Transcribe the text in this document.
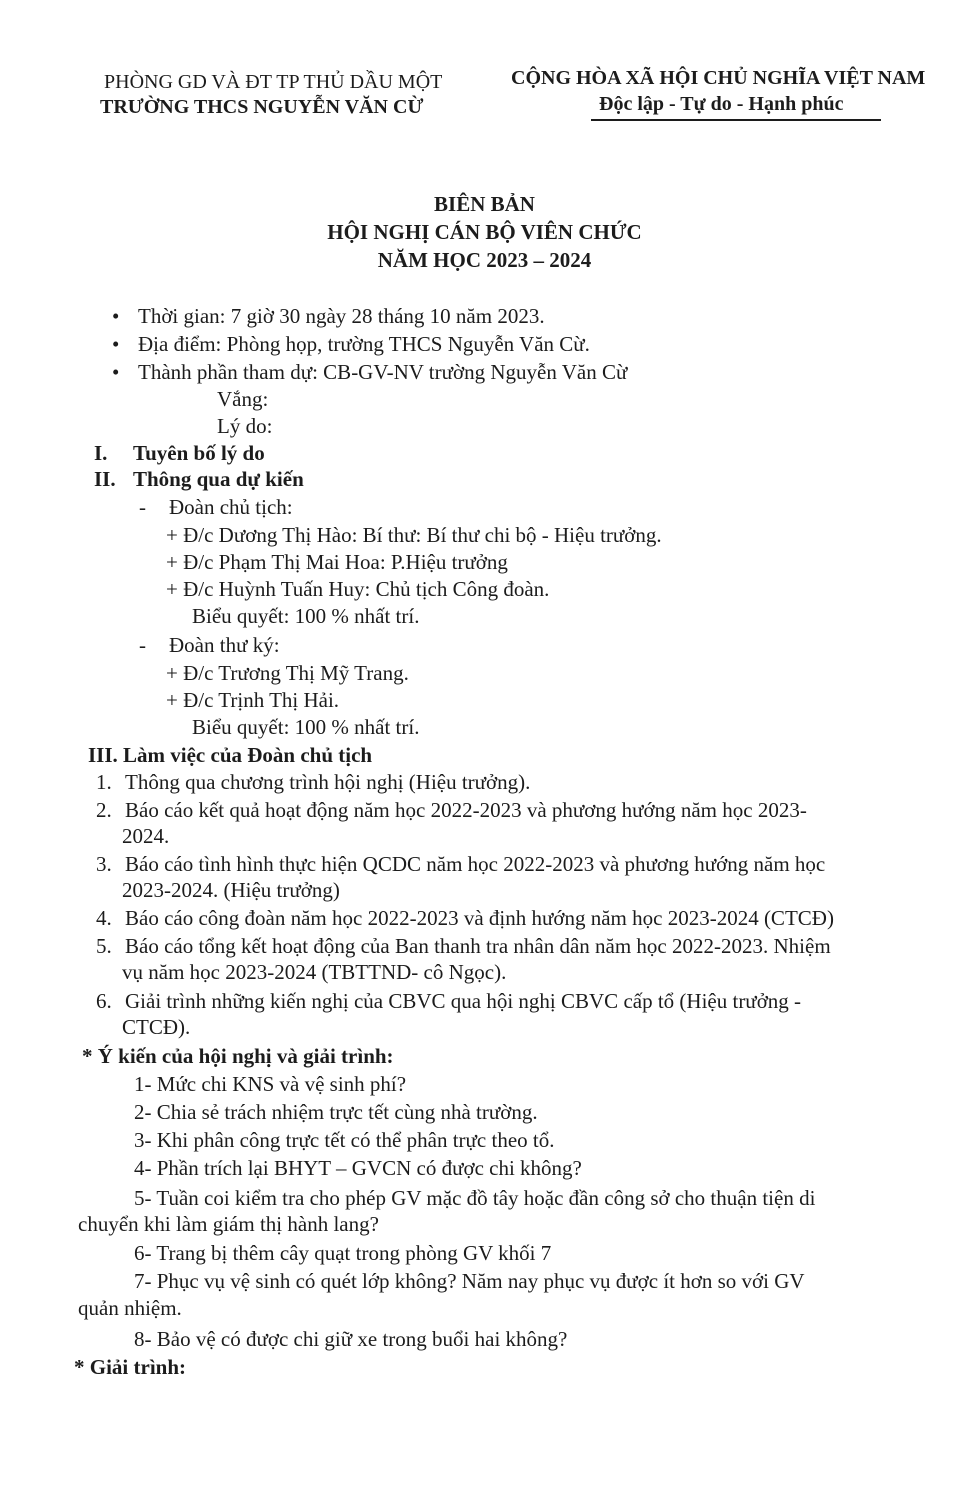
PHÒNG GD VÀ ĐT TP THỦ DẦU MỘT
TRƯỜNG THCS NGUYỄN VĂN CỪ
CỘNG HÒA XÃ HỘI CHỦ NGHĨA VIỆT NAM
Độc lập - Tự do - Hạnh phúc
BIÊN BẢN
HỘI NGHỊ CÁN BỘ VIÊN CHỨC
NĂM HỌC 2023 – 2024
• Thời gian: 7 giờ 30 ngày 28 tháng 10 năm 2023.
• Địa điểm: Phòng họp, trường THCS Nguyễn Văn Cừ.
• Thành phần tham dự: CB-GV-NV trường Nguyễn Văn Cừ
Vắng:
Lý do:
I. Tuyên bố lý do
II. Thông qua dự kiến
- Đoàn chủ tịch:
+ Đ/c Dương Thị Hào: Bí thư: Bí thư chi bộ - Hiệu trưởng.
+ Đ/c Phạm Thị Mai Hoa: P.Hiệu trưởng
+ Đ/c Huỳnh Tuấn Huy: Chủ tịch Công đoàn.
Biểu quyết: 100 % nhất trí.
- Đoàn thư ký:
+ Đ/c Trương Thị Mỹ Trang.
+ Đ/c Trịnh Thị Hải.
Biểu quyết: 100 % nhất trí.
III. Làm việc của Đoàn chủ tịch
1. Thông qua chương trình hội nghị (Hiệu trưởng).
2. Báo cáo kết quả hoạt động năm học 2022-2023 và phương hướng năm học 2023-
2024.
3. Báo cáo tình hình thực hiện QCDC năm học 2022-2023 và phương hướng năm học
2023-2024. (Hiệu trưởng)
4. Báo cáo công đoàn năm học 2022-2023 và định hướng năm học 2023-2024 (CTCĐ)
5. Báo cáo tổng kết hoạt động của Ban thanh tra nhân dân năm học 2022-2023. Nhiệm
vụ năm học 2023-2024 (TBTTND- cô Ngọc).
6. Giải trình những kiến nghị của CBVC qua hội nghị CBVC cấp tổ (Hiệu trưởng -
CTCĐ).
* Ý kiến của hội nghị và giải trình:
1- Mức chi KNS và vệ sinh phí?
2- Chia sẻ trách nhiệm trực tết cùng nhà trường.
3- Khi phân công trực tết có thể phân trực theo tổ.
4- Phần trích lại BHYT – GVCN có được chi không?
5- Tuần coi kiểm tra cho phép GV mặc đồ tây hoặc đần công sở cho thuận tiện di
chuyển khi làm giám thị hành lang?
6- Trang bị thêm cây quạt trong phòng GV khối 7
7- Phục vụ vệ sinh có quét lớp không? Năm nay phục vụ được ít hơn so với GV
quản nhiệm.
8- Bảo vệ có được chi giữ xe trong buổi hai không?
* Giải trình:
